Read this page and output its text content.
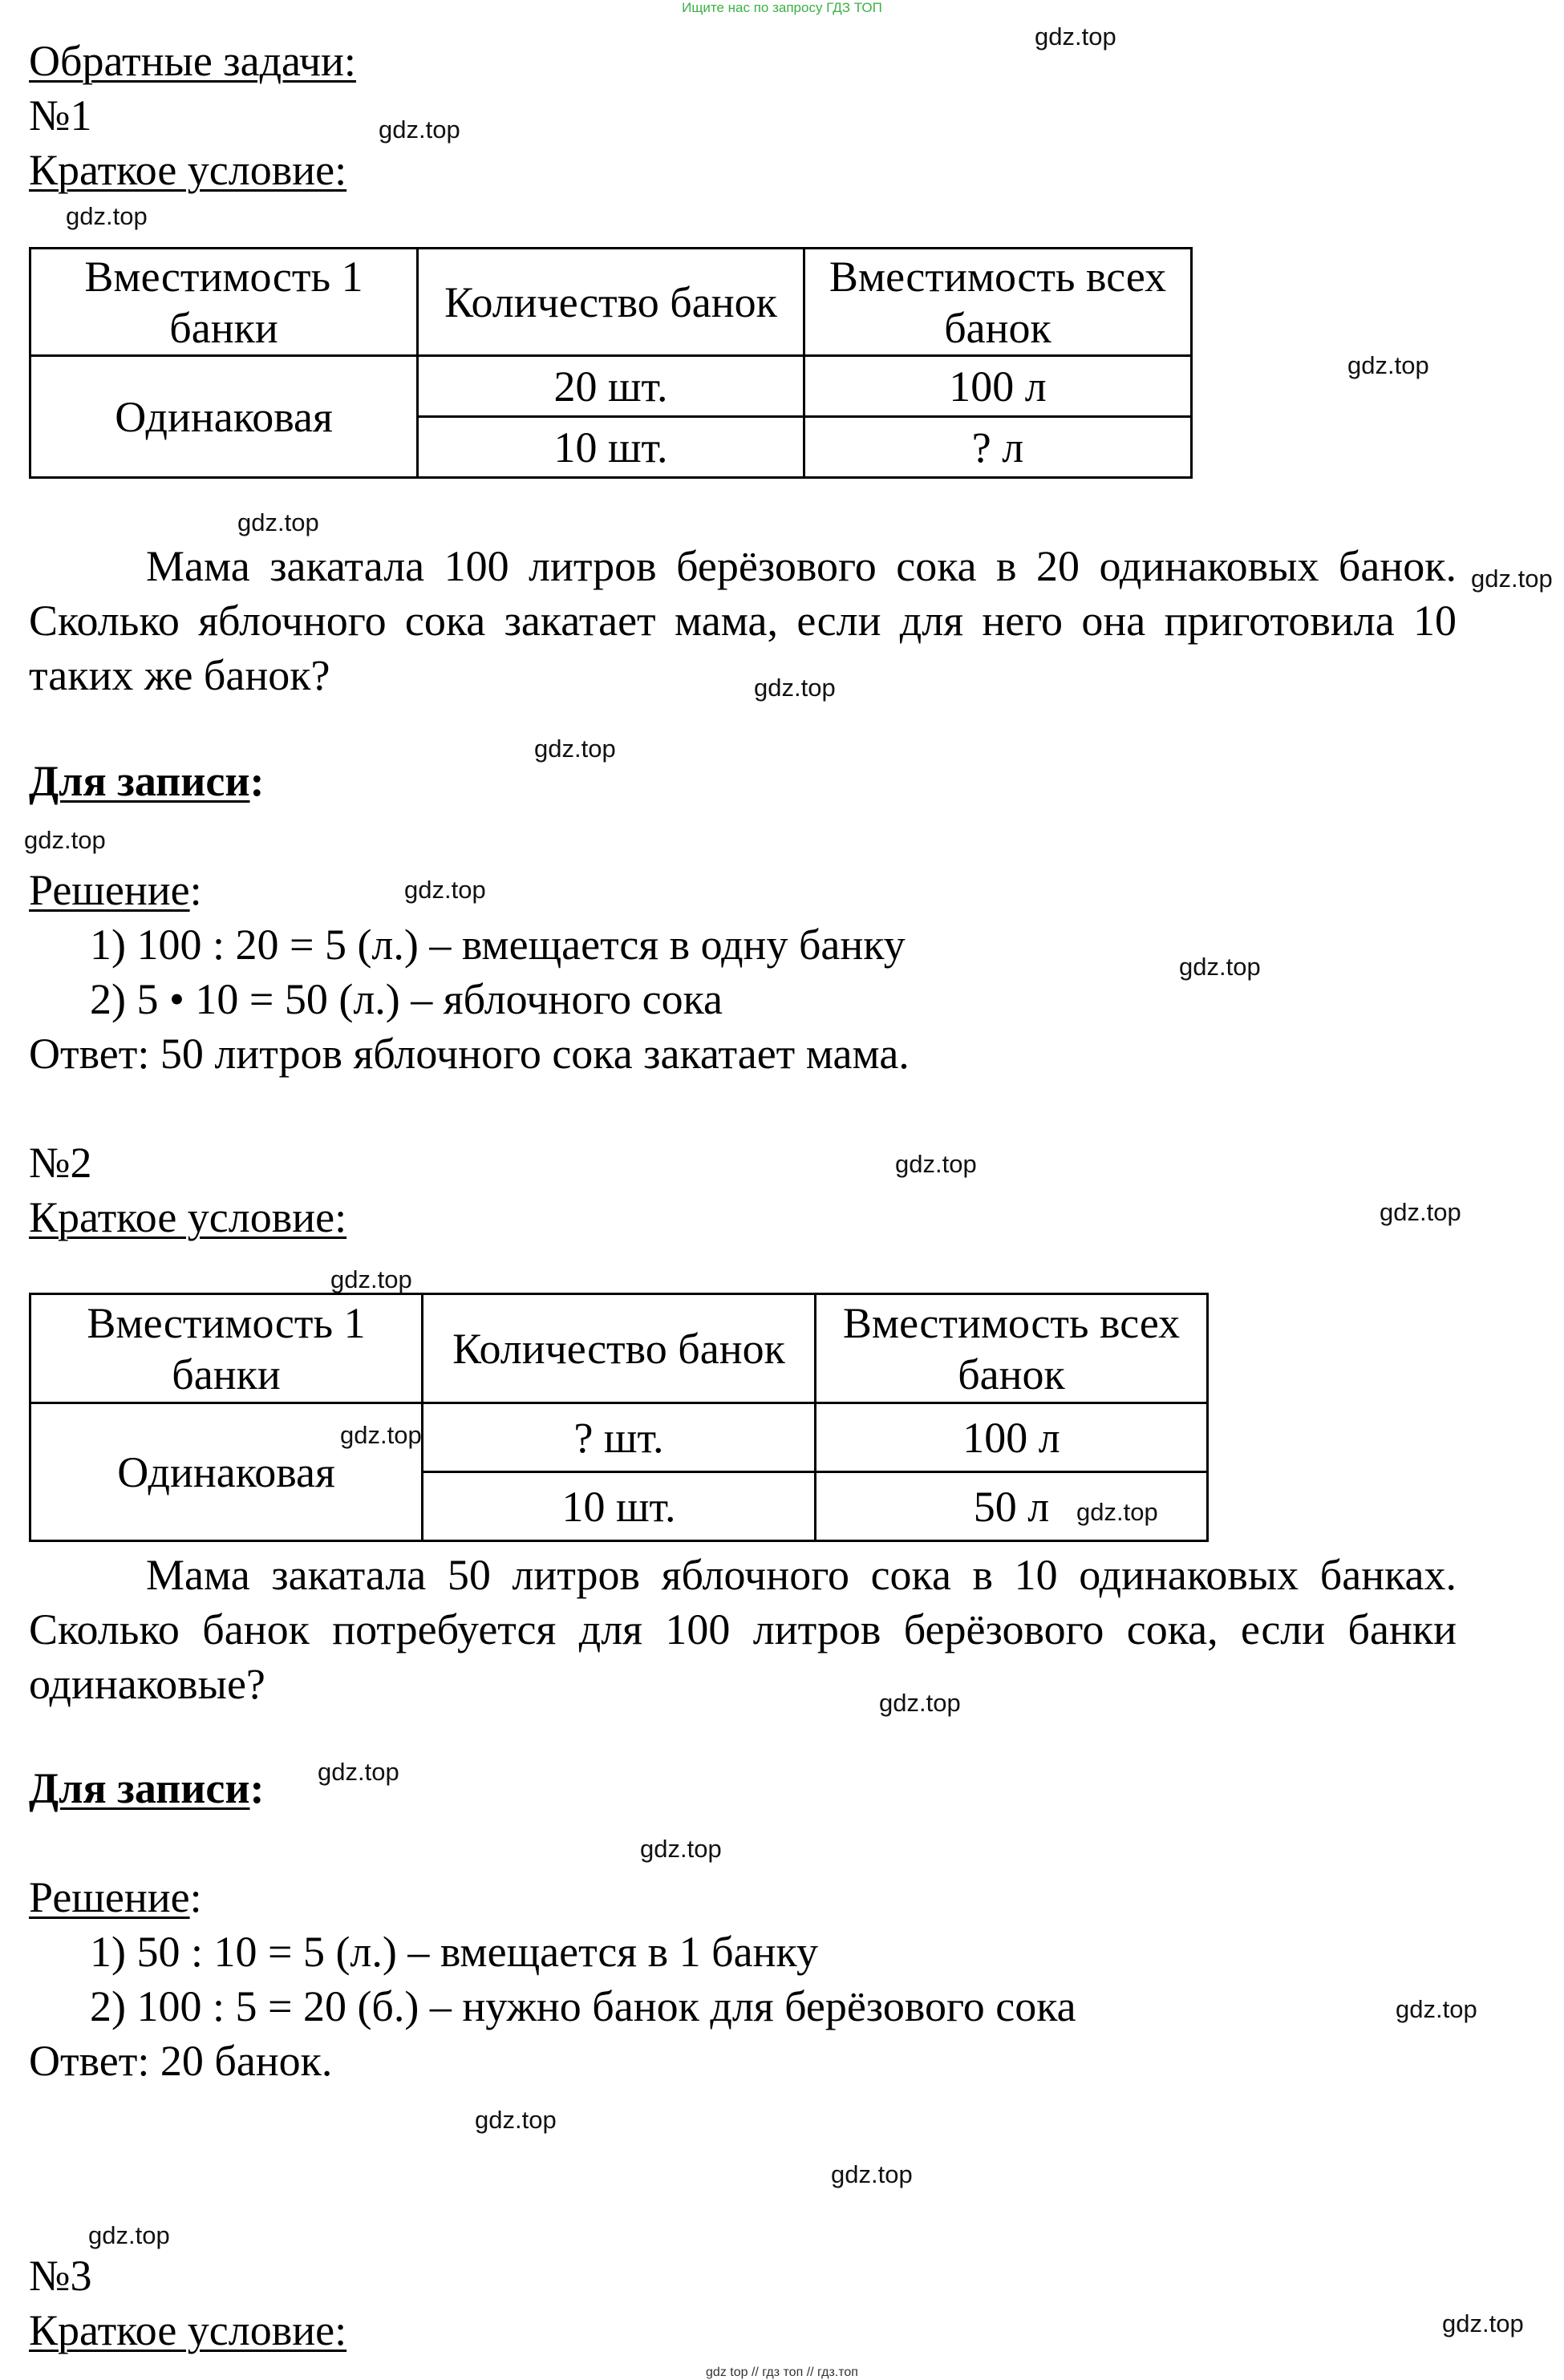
Ищите нас по запросу ГДЗ ТОП
Обратные задачи:
№1
Краткое условие:
Вместимость 1 банки	Количество банок	Вместимость всех банок
Одинаковая	20 шт.	100 л
	10 шт.	? л
Мама закатала 100 литров берёзового сока в 20 одинаковых банок. Сколько яблочного сока закатает мама, если для него она приготовила 10 таких же банок?
Для записи:
Решение:
1) 100 : 20 = 5 (л.) – вмещается в одну банку
2) 5 • 10 = 50 (л.) – яблочного сока
Ответ: 50 литров яблочного сока закатает мама.
№2
Краткое условие:
Вместимость 1 банки	Количество банок	Вместимость всех банок
Одинаковая	? шт.	100 л
	10 шт.	50 л
Мама закатала 50 литров яблочного сока в 10 одинаковых банках. Сколько банок потребуется для 100 литров берёзового сока, если банки одинаковые?
Для записи:
Решение:
1) 50 : 10 = 5 (л.) – вмещается в 1 банку
2) 100 : 5 = 20 (б.) – нужно банок для берёзового сока
Ответ: 20 банок.
№3
Краткое условие:
gdz.top
gdz.top
gdz.top
gdz.top
gdz.top
gdz.top
gdz.top
gdz.top
gdz.top
gdz.top
gdz.top
gdz.top
gdz.top
gdz.top
gdz.top
gdz.top
gdz.top
gdz.top
gdz.top
gdz.top
gdz.top
gdz.top
gdz.top
gdz.top
gdz top // гдз топ // гдз.топ
